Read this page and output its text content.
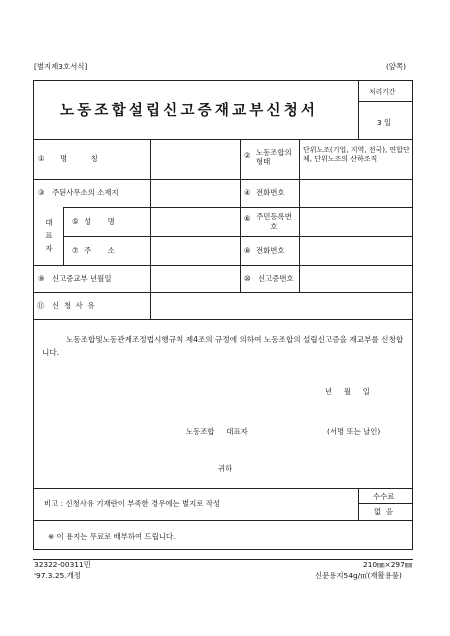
[별지제3호서식]	(앞쪽)
노동조합설립신고증재교부신청서
처리기간
3 일
① 명          칭	② 노동조합의 형태
단위노조(기업, 지역, 전국), 연합단체, 단위노조의 산하조직
③ 주된사무소의 소재지	④ 전화번호
대 표 자
⑤ 성       명	⑥ 주민등록번호
⑦ 주       소	⑧ 전화번호
⑨ 신고증교부 년월일	⑩ 신고증번호
⑪ 신  청  사  유
노동조합및노동관계조정법시행규칙 제4조의 규정에 의하여 노동조합의 설립신고증을 재교부를 신청합니다.
년     월     일
노동조합     대표자	(서명 또는 날인)
귀하
비고 : 신청사유 기재란이 부족한 경우에는 별지로 작성
수수료
없  음
※ 이 용지는 무료로 배부하여 드립니다.
32322-00311민
'97.3.25.개정
210㎜×297㎜
신문용지54g/㎡(재활용품)
